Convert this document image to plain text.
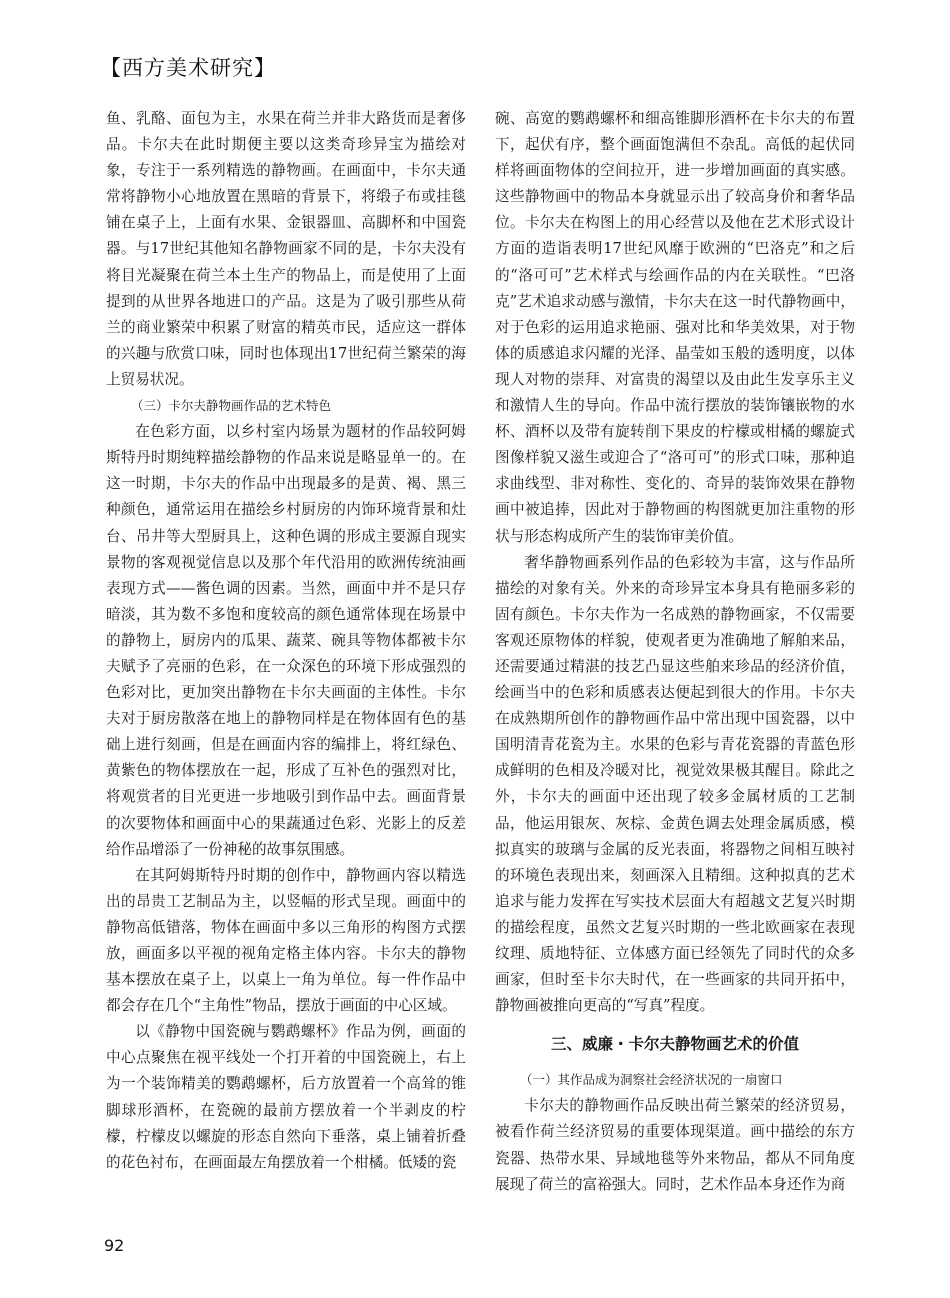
【西方美术研究】

鱼、乳酪、面包为主，水果在荷兰并非大路货而是奢侈品。卡尔夫在此时期便主要以这类奇珍异宝为描绘对象，专注于一系列精选的静物画。在画面中，卡尔夫通常将静物小心地放置在黑暗的背景下，将缎子布或挂毯铺在桌子上，上面有水果、金银器皿、高脚杯和中国瓷器。与17世纪其他知名静物画家不同的是，卡尔夫没有将目光凝聚在荷兰本土生产的物品上，而是使用了上面提到的从世界各地进口的产品。这是为了吸引那些从荷兰的商业繁荣中积累了财富的精英市民，适应这一群体的兴趣与欣赏口味，同时也体现出17世纪荷兰繁荣的海上贸易状况。

（三）卡尔夫静物画作品的艺术特色

在色彩方面，以乡村室内场景为题材的作品较阿姆斯特丹时期纯粹描绘静物的作品来说是略显单一的。在这一时期，卡尔夫的作品中出现最多的是黄、褐、黑三种颜色，通常运用在描绘乡村厨房的内饰环境背景和灶台、吊井等大型厨具上，这种色调的形成主要源自现实景物的客观视觉信息以及那个年代沿用的欧洲传统油画表现方式——酱色调的因素。当然，画面中并不是只存暗淡，其为数不多饱和度较高的颜色通常体现在场景中的静物上，厨房内的瓜果、蔬菜、碗具等物体都被卡尔夫赋予了亮丽的色彩，在一众深色的环境下形成强烈的色彩对比，更加突出静物在卡尔夫画面的主体性。卡尔夫对于厨房散落在地上的静物同样是在物体固有色的基础上进行刻画，但是在画面内容的编排上，将红绿色、黄紫色的物体摆放在一起，形成了互补色的强烈对比，将观赏者的目光更进一步地吸引到作品中去。画面背景的次要物体和画面中心的果蔬通过色彩、光影上的反差给作品增添了一份神秘的故事氛围感。

在其阿姆斯特丹时期的创作中，静物画内容以精选出的昂贵工艺制品为主，以竖幅的形式呈现。画面中的静物高低错落，物体在画面中多以三角形的构图方式摆放，画面多以平视的视角定格主体内容。卡尔夫的静物基本摆放在桌子上，以桌上一角为单位。每一件作品中都会存在几个“主角性”物品，摆放于画面的中心区域。

以《静物中国瓷碗与鹦鹉螺杯》作品为例，画面的中心点聚焦在视平线处一个打开着的中国瓷碗上，右上为一个装饰精美的鹦鹉螺杯，后方放置着一个高耸的锥脚球形酒杯，在瓷碗的最前方摆放着一个半剥皮的柠檬，柠檬皮以螺旋的形态自然向下垂落，桌上铺着折叠的花色衬布，在画面最左角摆放着一个柑橘。低矮的瓷

碗、高宽的鹦鹉螺杯和细高锥脚形酒杯在卡尔夫的布置下，起伏有序，整个画面饱满但不杂乱。高低的起伏同样将画面物体的空间拉开，进一步增加画面的真实感。这些静物画中的物品本身就显示出了较高身价和奢华品位。卡尔夫在构图上的用心经营以及他在艺术形式设计方面的造诣表明17世纪风靡于欧洲的“巴洛克”和之后的“洛可可”艺术样式与绘画作品的内在关联性。“巴洛克”艺术追求动感与激情，卡尔夫在这一时代静物画中，对于色彩的运用追求艳丽、强对比和华美效果，对于物体的质感追求闪耀的光泽、晶莹如玉般的透明度，以体现人对物的崇拜、对富贵的渴望以及由此生发享乐主义和激情人生的导向。作品中流行摆放的装饰镶嵌物的水杯、酒杯以及带有旋转削下果皮的柠檬或柑橘的螺旋式图像样貌又滋生或迎合了“洛可可”的形式口味，那种追求曲线型、非对称性、变化的、奇异的装饰效果在静物画中被追捧，因此对于静物画的构图就更加注重物的形状与形态构成所产生的装饰审美价值。

奢华静物画系列作品的色彩较为丰富，这与作品所描绘的对象有关。外来的奇珍异宝本身具有艳丽多彩的固有颜色。卡尔夫作为一名成熟的静物画家，不仅需要客观还原物体的样貌，使观者更为准确地了解舶来品，还需要通过精湛的技艺凸显这些舶来珍品的经济价值，绘画当中的色彩和质感表达便起到很大的作用。卡尔夫在成熟期所创作的静物画作品中常出现中国瓷器，以中国明清青花瓷为主。水果的色彩与青花瓷器的青蓝色形成鲜明的色相及冷暖对比，视觉效果极其醒目。除此之外，卡尔夫的画面中还出现了较多金属材质的工艺制品，他运用银灰、灰棕、金黄色调去处理金属质感，模拟真实的玻璃与金属的反光表面，将器物之间相互映衬的环境色表现出来，刻画深入且精细。这种拟真的艺术追求与能力发挥在写实技术层面大有超越文艺复兴时期的描绘程度，虽然文艺复兴时期的一些北欧画家在表现纹理、质地特征、立体感方面已经领先了同时代的众多画家，但时至卡尔夫时代，在一些画家的共同开拓中，静物画被推向更高的“写真”程度。

三、威廉・卡尔夫静物画艺术的价值

（一）其作品成为洞察社会经济状况的一扇窗口

卡尔夫的静物画作品反映出荷兰繁荣的经济贸易，被看作荷兰经济贸易的重要体现渠道。画中描绘的东方瓷器、热带水果、异域地毯等外来物品，都从不同角度展现了荷兰的富裕强大。同时，艺术作品本身还作为商

92
